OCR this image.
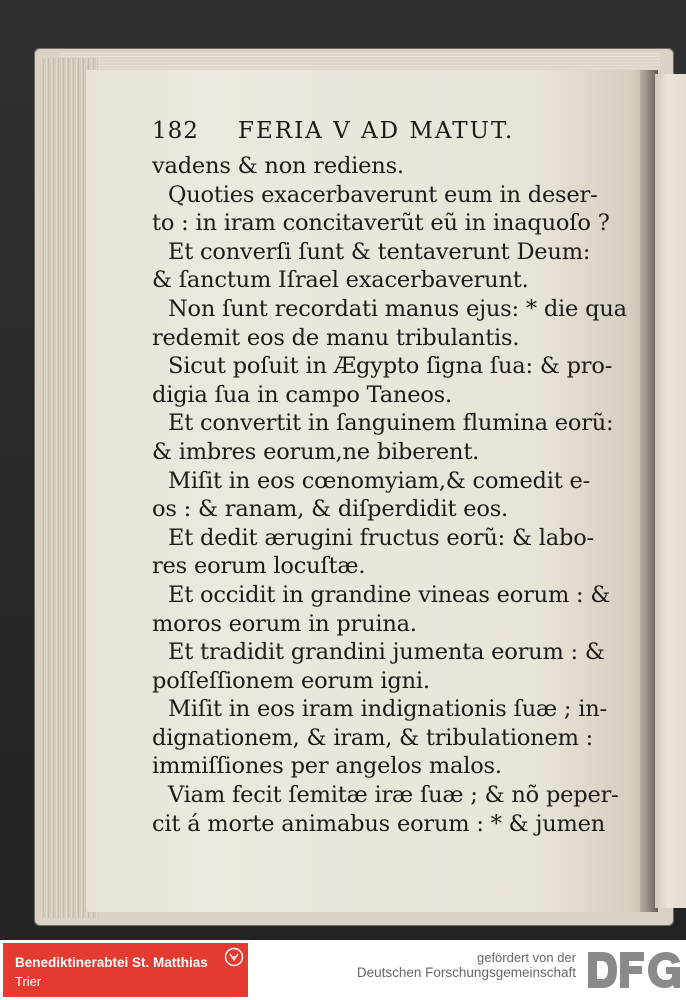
182	FERIA V AD MATUT.
vadens & non rediens.
Quoties exacerbaverunt eum in deser-
to : in iram concitaverũt eũ in inaquoſo ?
Et converſi ſunt & tentaverunt Deum:
& ſanctum Iſrael exacerbaverunt.
Non ſunt recordati manus ejus: * die qua
redemit eos de manu tribulantis.
Sicut poſuit in Ægypto ſigna ſua: & pro-
digia ſua in campo Taneos.
Et convertit in ſanguinem flumina eorũ:
& imbres eorum,ne biberent.
Miſit in eos cœnomyiam,& comedit e-
os : & ranam, & diſperdidit eos.
Et dedit ærugini fructus eorũ: & labo-
res eorum locuſtæ.
Et occidit in grandine vineas eorum : &
moros eorum in pruina.
Et tradidit grandini jumenta eorum : &
poſſeſſionem eorum igni.
Miſit in eos iram indignationis ſuæ ; in-
dignationem, & iram, & tribulationem :
immiſſiones per angelos malos.
Viam fecit ſemitæ iræ ſuæ ; & nõ peper-
cit á morte animabus eorum : * & jumen
Benediktinerabtei St. Matthias
Trier
gefördert von der
Deutschen Forschungsgemeinschaft
